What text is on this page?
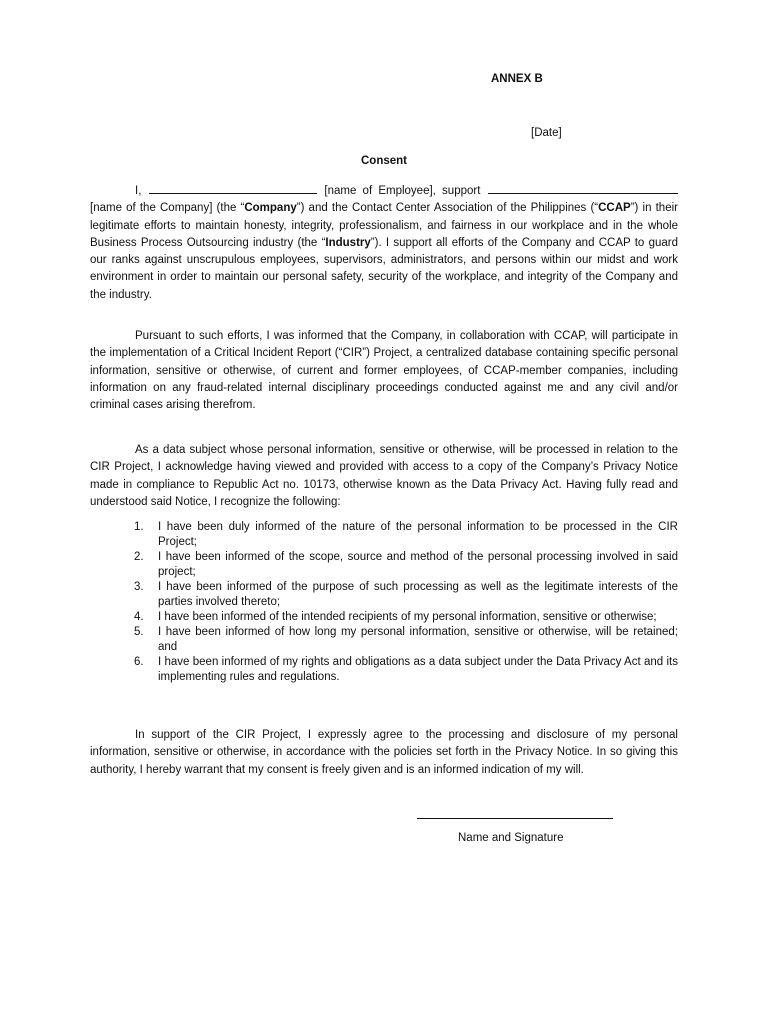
ANNEX B
[Date]
Consent
I,	[name of Employee], support
[name of the Company] (the “Company”) and the Contact Center Association of the Philippines (“CCAP”) in their legitimate efforts to maintain honesty, integrity, professionalism, and fairness in our workplace and in the whole Business Process Outsourcing industry (the “Industry”). I support all efforts of the Company and CCAP to guard our ranks against unscrupulous employees, supervisors, administrators, and persons within our midst and work environment in order to maintain our personal safety, security of the workplace, and integrity of the Company and the industry.
Pursuant to such efforts, I was informed that the Company, in collaboration with CCAP, will participate in the implementation of a Critical Incident Report (“CIR”) Project, a centralized database containing specific personal information, sensitive or otherwise, of current and former employees, of CCAP-member companies, including information on any fraud-related internal disciplinary proceedings conducted against me and any civil and/or criminal cases arising therefrom.
As a data subject whose personal information, sensitive or otherwise, will be processed in relation to the CIR Project, I acknowledge having viewed and provided with access to a copy of the Company’s Privacy Notice made in compliance to Republic Act no. 10173, otherwise known as the Data Privacy Act. Having fully read and understood said Notice, I recognize the following:
1. I have been duly informed of the nature of the personal information to be processed in the CIR Project;
2. I have been informed of the scope, source and method of the personal processing involved in said project;
3. I have been informed of the purpose of such processing as well as the legitimate interests of the parties involved thereto;
4. I have been informed of the intended recipients of my personal information, sensitive or otherwise;
5. I have been informed of how long my personal information, sensitive or otherwise, will be retained; and
6. I have been informed of my rights and obligations as a data subject under the Data Privacy Act and its implementing rules and regulations.
In support of the CIR Project, I expressly agree to the processing and disclosure of my personal information, sensitive or otherwise, in accordance with the policies set forth in the Privacy Notice. In so giving this authority, I hereby warrant that my consent is freely given and is an informed indication of my will.
Name and Signature
